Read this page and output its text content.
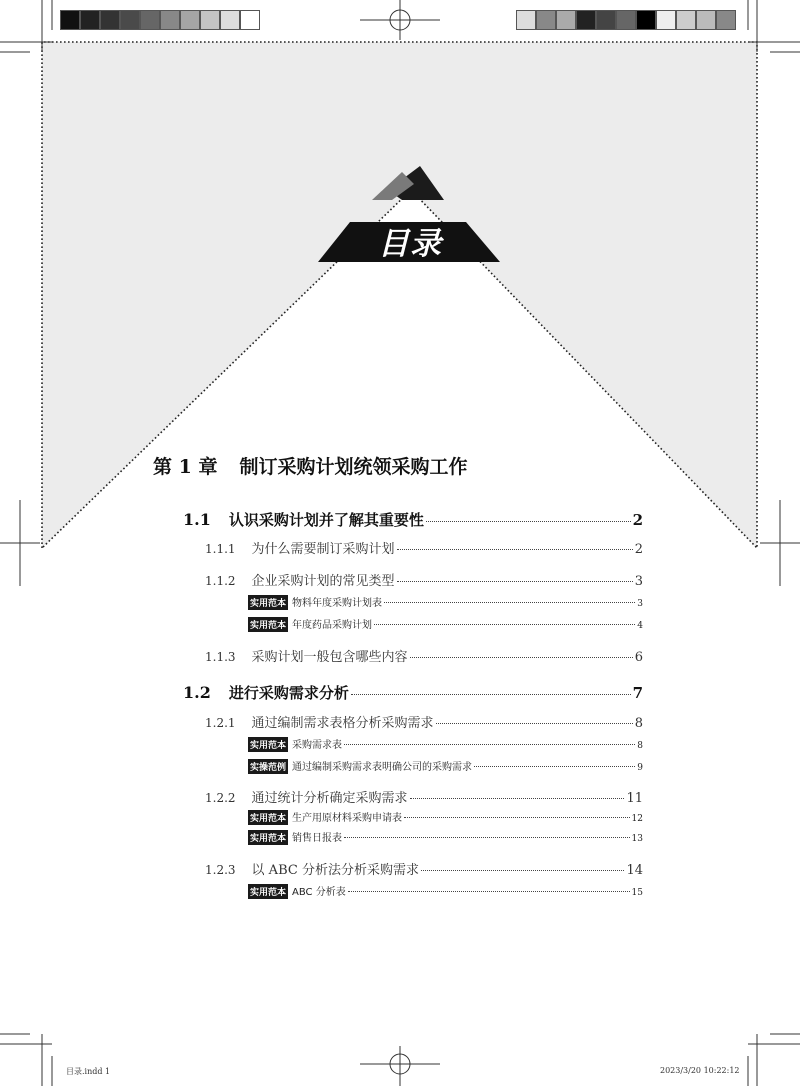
目录
第 1 章 制订采购计划统领采购工作
1.1 认识采购计划并了解其重要性	2
1.1.1 为什么需要制订采购计划	2
1.1.2 企业采购计划的常见类型	3
实用范本 物料年度采购计划表	3
实用范本 年度药品采购计划	4
1.1.3 采购计划一般包含哪些内容	6
1.2 进行采购需求分析	7
1.2.1 通过编制需求表格分析采购需求	8
实用范本 采购需求表	8
实操范例 通过编制采购需求表明确公司的采购需求	9
1.2.2 通过统计分析确定采购需求	11
实用范本 生产用原材料采购申请表	12
实用范本 销售日报表	13
1.2.3 以 ABC 分析法分析采购需求	14
实用范本 ABC 分析表	15
目录.indd 1	2023/3/20 10:22:12
